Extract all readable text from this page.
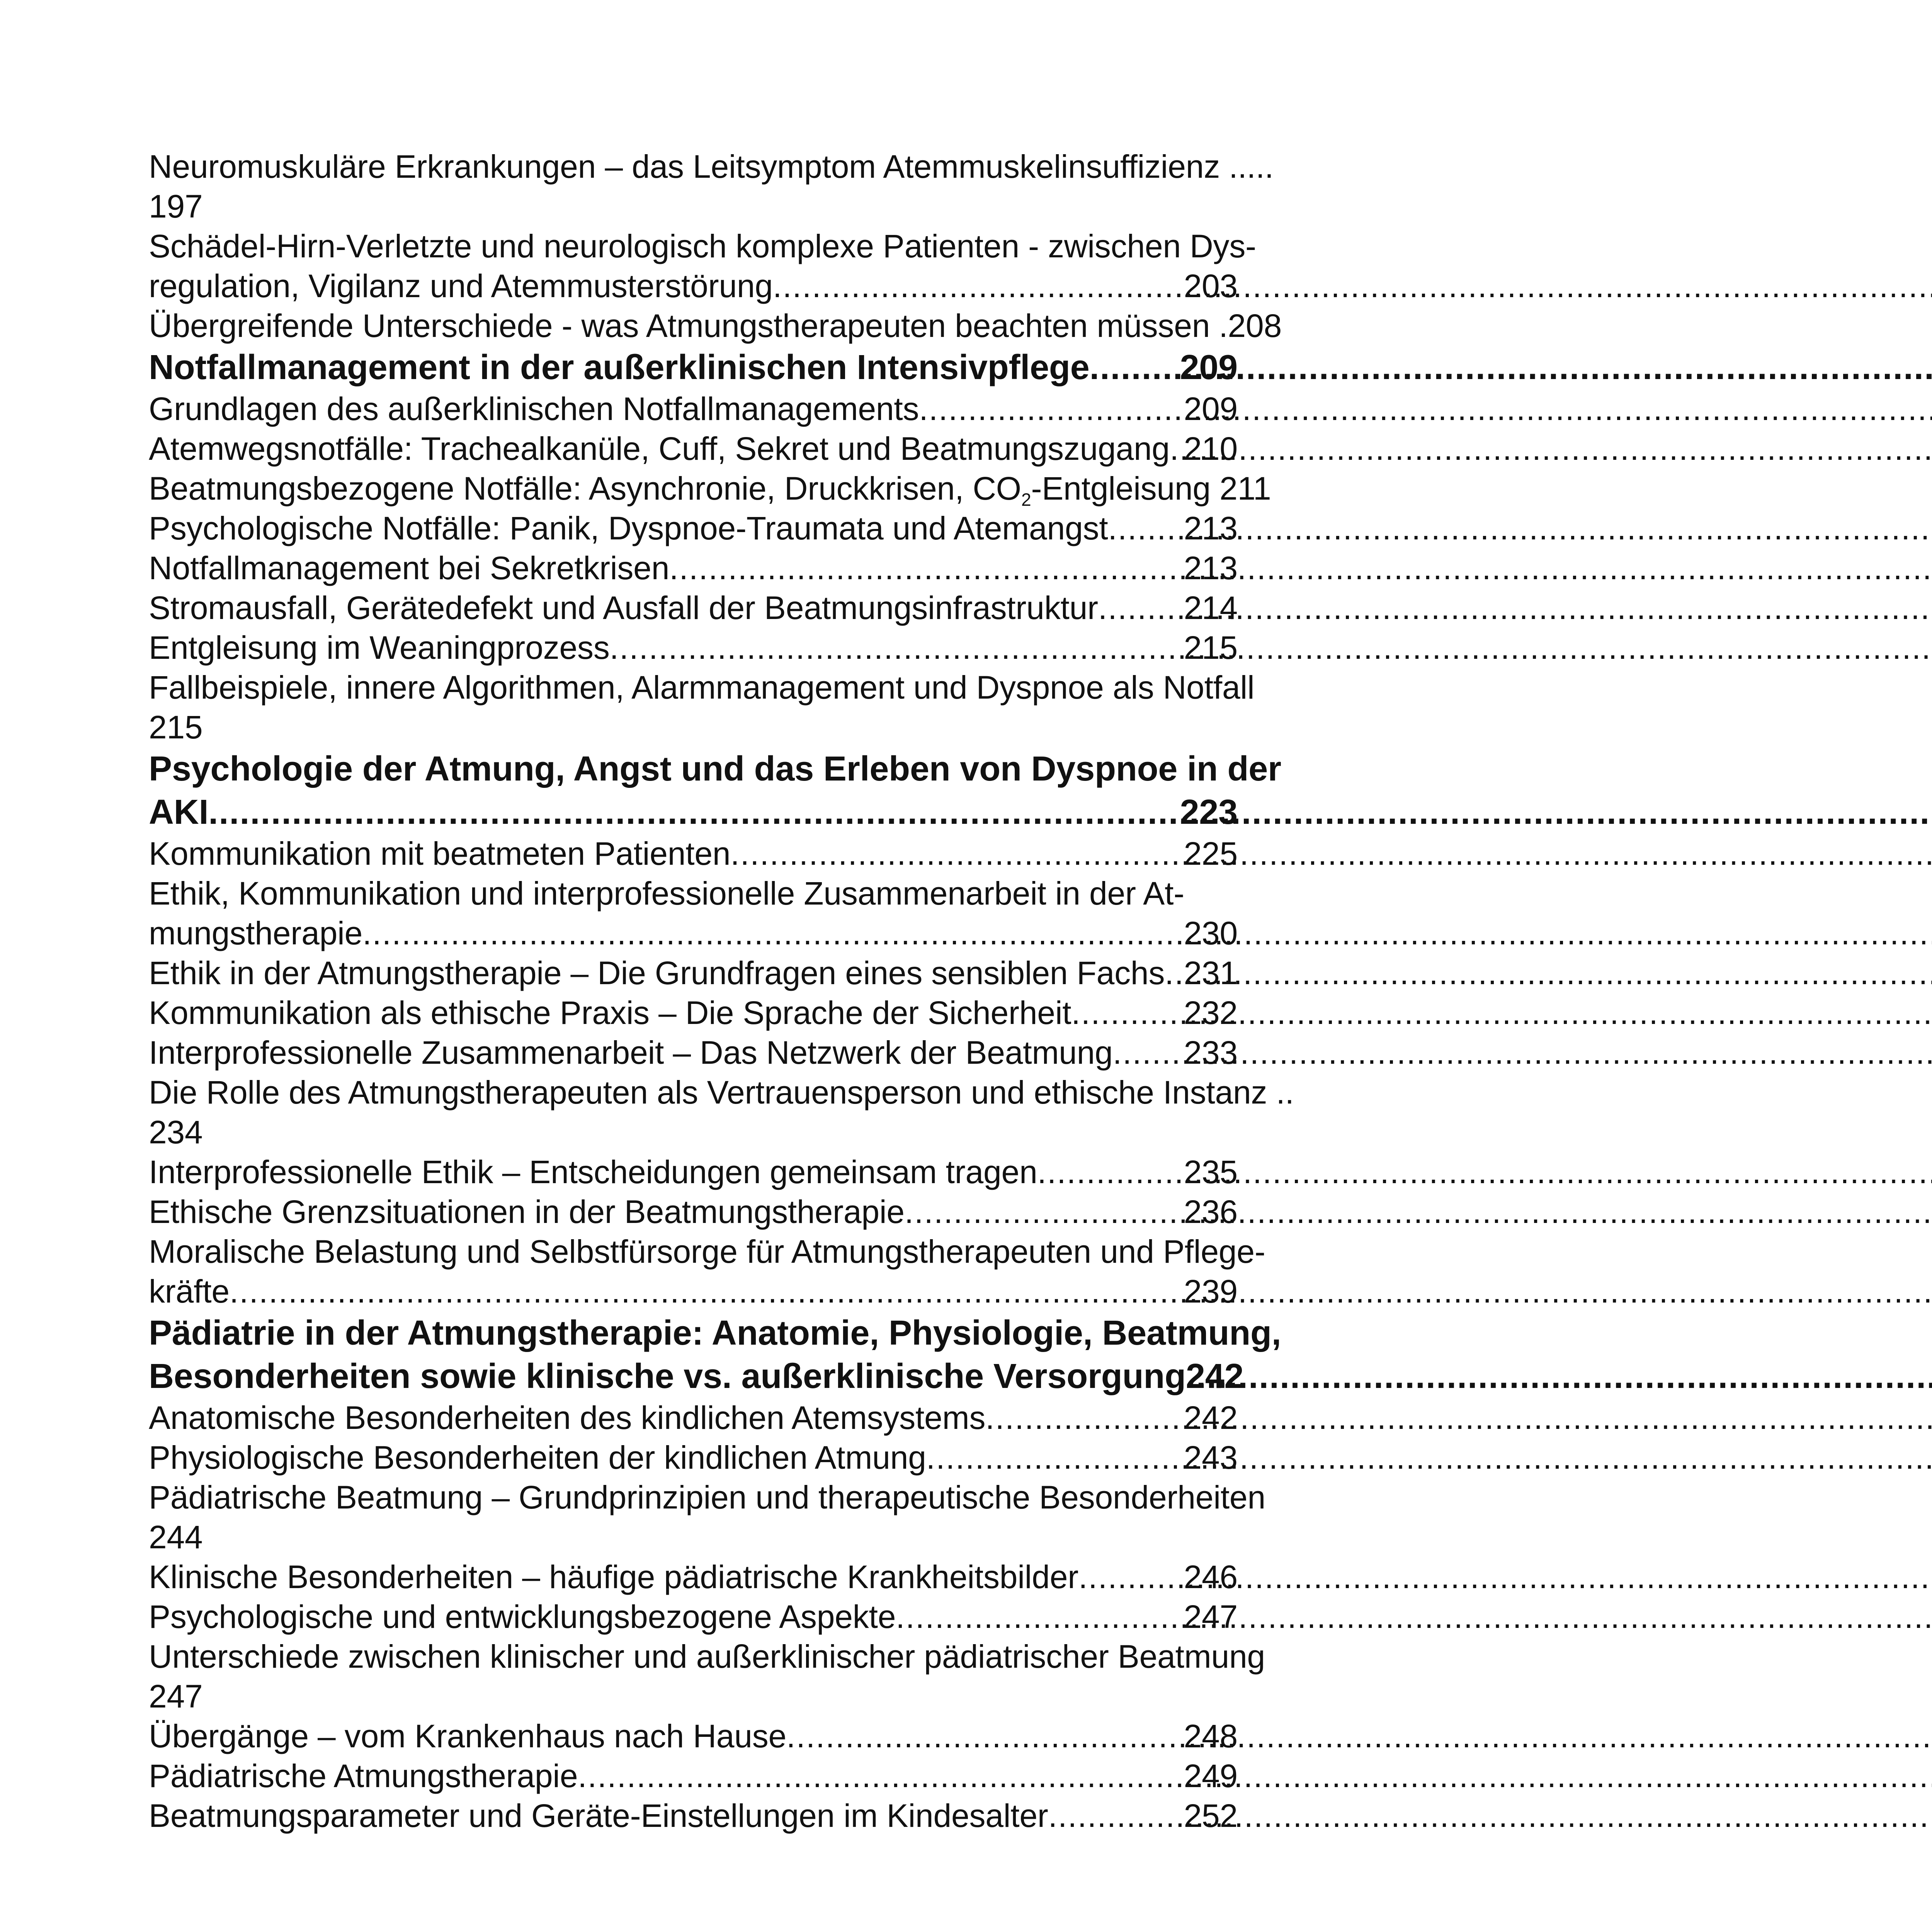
Neuromuskuläre Erkrankungen – das Leitsymptom Atemmuskelinsuffizienz .....
197
Schädel-Hirn-Verletzte und neurologisch komplexe Patienten - zwischen Dys-
regulation, Vigilanz und Atemmusterstörung .....	203
Übergreifende Unterschiede - was Atmungstherapeuten beachten müssen .208
Notfallmanagement in der außerklinischen Intensivpflege .....	209
Grundlagen des außerklinischen Notfallmanagements .....	209
Atemwegsnotfälle: Trachealkanüle, Cuff, Sekret und Beatmungszugang ..... 210
Beatmungsbezogene Notfälle: Asynchronie, Druckkrisen, $CO_2$-Entgleisung 211
Psychologische Notfälle: Panik, Dyspnoe-Traumata und Atemangst ..... 213
Notfallmanagement bei Sekretkrisen .....	213
Stromausfall, Gerätedefekt und Ausfall der Beatmungsinfrastruktur .....	214
Entgleisung im Weaningprozess .....	215
Fallbeispiele, innere Algorithmen, Alarmmanagement und Dyspnoe als Notfall
215
Psychologie der Atmung, Angst und das Erleben von Dyspnoe in der
AKI .....	223
Kommunikation mit beatmeten Patienten .....	225
Ethik, Kommunikation und interprofessionelle Zusammenarbeit in der At-
mungstherapie .....	230
Ethik in der Atmungstherapie – Die Grundfragen eines sensiblen Fachs ..... 231
Kommunikation als ethische Praxis – Die Sprache der Sicherheit .....	232
Interprofessionelle Zusammenarbeit – Das Netzwerk der Beatmung ..... 233
Die Rolle des Atmungstherapeuten als Vertrauensperson und ethische Instanz ..
234
Interprofessionelle Ethik – Entscheidungen gemeinsam tragen .....	235
Ethische Grenzsituationen in der Beatmungstherapie .....	236
Moralische Belastung und Selbstfürsorge für Atmungstherapeuten und Pflege-
kräfte .....	239
Pädiatrie in der Atmungstherapie: Anatomie, Physiologie, Beatmung,
Besonderheiten sowie klinische vs. außerklinische Versorgung 242
Anatomische Besonderheiten des kindlichen Atemsystems .....	242
Physiologische Besonderheiten der kindlichen Atmung .....	243
Pädiatrische Beatmung – Grundprinzipien und therapeutische Besonderheiten
244
Klinische Besonderheiten – häufige pädiatrische Krankheitsbilder .....	246
Psychologische und entwicklungsbezogene Aspekte .....	247
Unterschiede zwischen klinischer und außerklinischer pädiatrischer Beatmung
247
Übergänge – vom Krankenhaus nach Hause .....	248
Pädiatrische Atmungstherapie .....	249
Beatmungsparameter und Geräte-Einstellungen im Kindesalter .....	252
